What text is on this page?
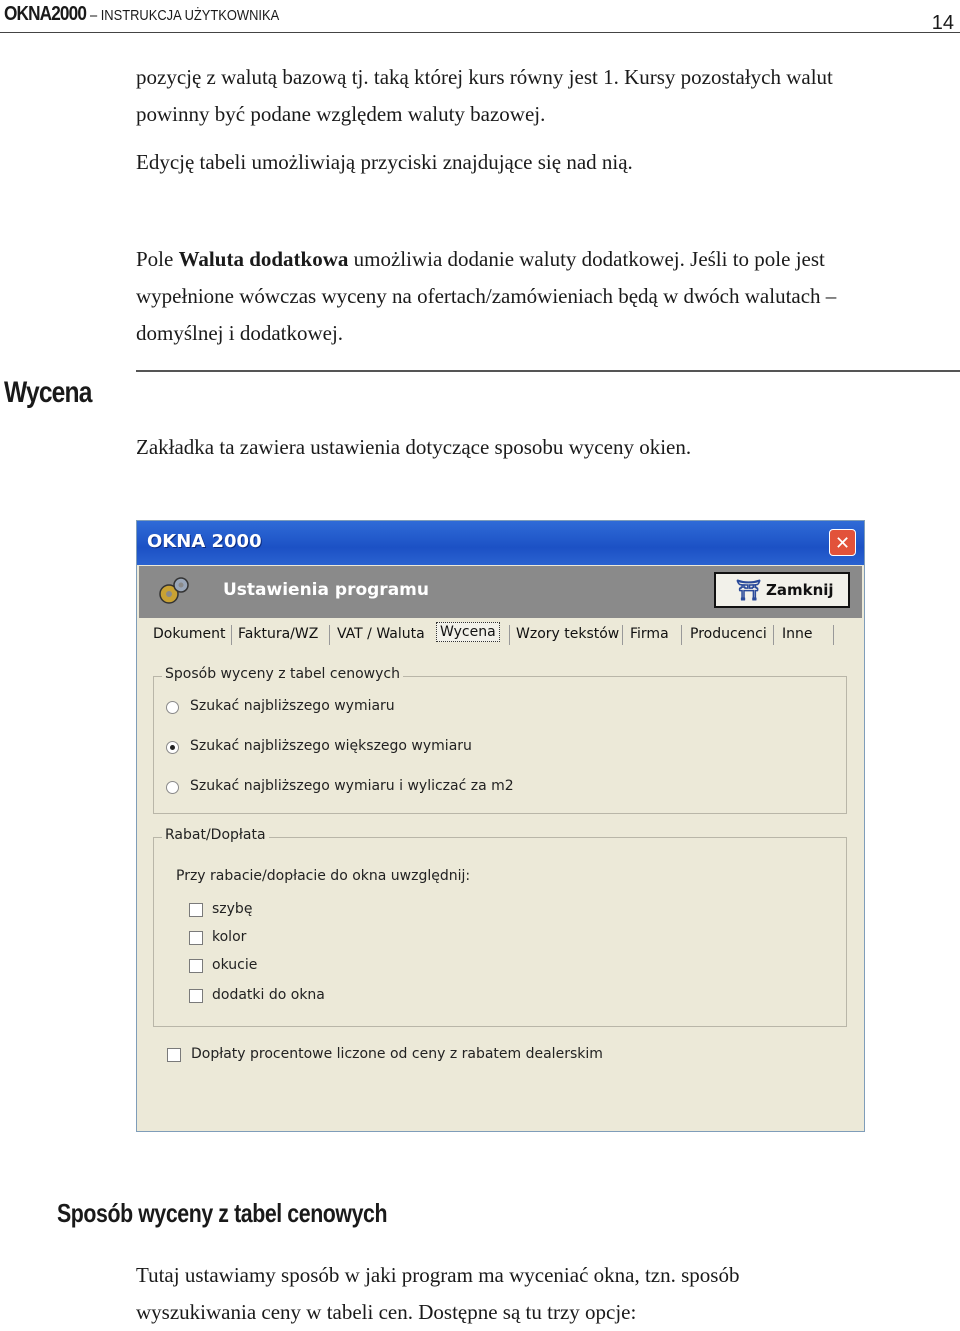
OKNA2000 – INSTRUKCJA UŻYTKOWNIKA	14

pozycję z walutą bazową tj. taką której kurs równy jest 1. Kursy pozostałych walut
powinny być podane względem waluty bazowej.

Edycję tabeli umożliwiają przyciski znajdujące się nad nią.

Pole Waluta dodatkowa umożliwia dodanie waluty dodatkowej. Jeśli to pole jest
wypełnione wówczas wyceny na ofertach/zamówieniach będą w dwóch walutach –
domyślnej i dodatkowej.

Wycena

Zakładka ta zawiera ustawienia dotyczące sposobu wyceny okien.

OKNA 2000	✕
Ustawienia programu	⛩ Zamknij
Dokument Faktura/WZ VAT / Waluta Wycena Wzory tekstów Firma Producenci Inne
Sposób wyceny z tabel cenowych
Szukać najbliższego wymiaru
Szukać najbliższego większego wymiaru
Szukać najbliższego wymiaru i wyliczać za m2
Rabat/Dopłata
Przy rabacie/dopłacie do okna uwzględnij:
szybę
kolor
okucie
dodatki do okna
Dopłaty procentowe liczone od ceny z rabatem dealerskim
Sposób wyceny z tabel cenowych

Tutaj ustawiamy sposób w jaki program ma wyceniać okna, tzn. sposób
wyszukiwania ceny w tabeli cen. Dostępne są tu trzy opcje:
